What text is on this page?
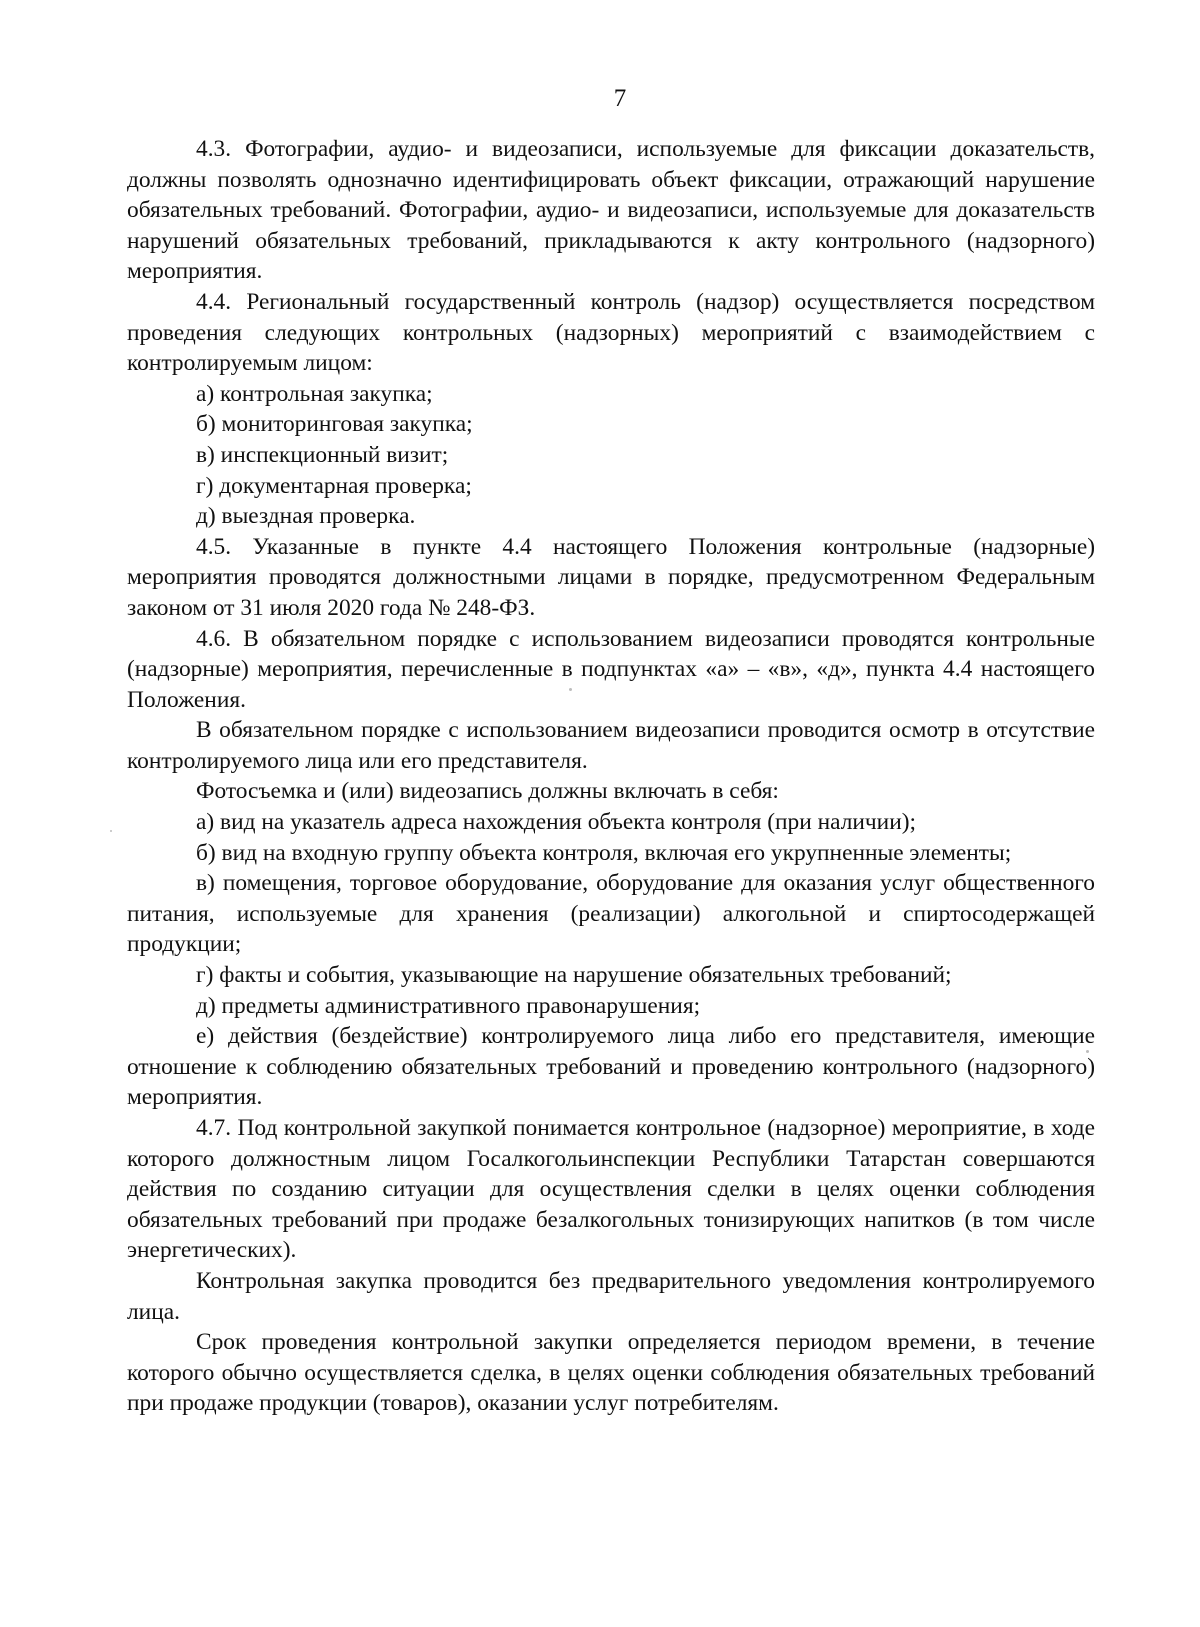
7

4.3. Фотографии, аудио- и видеозаписи, используемые для фиксации доказательств, должны позволять однозначно идентифицировать объект фиксации, отражающий нарушение обязательных требований. Фотографии, аудио- и видеозаписи, используемые для доказательств нарушений обязательных требований, прикладываются к акту контрольного (надзорного) мероприятия.

4.4. Региональный государственный контроль (надзор) осуществляется посредством проведения следующих контрольных (надзорных) мероприятий с взаимодействием с контролируемым лицом:

а) контрольная закупка;

б) мониторинговая закупка;

в) инспекционный визит;

г) документарная проверка;

д) выездная проверка.

4.5. Указанные в пункте 4.4 настоящего Положения контрольные (надзорные) мероприятия проводятся должностными лицами в порядке, предусмотренном Федеральным законом от 31 июля 2020 года № 248-ФЗ.

4.6. В обязательном порядке с использованием видеозаписи проводятся контрольные (надзорные) мероприятия, перечисленные в подпунктах «а» – «в», «д», пункта 4.4 настоящего Положения.

В обязательном порядке с использованием видеозаписи проводится осмотр в отсутствие контролируемого лица или его представителя.

Фотосъемка и (или) видеозапись должны включать в себя:

а) вид на указатель адреса нахождения объекта контроля (при наличии);

б) вид на входную группу объекта контроля, включая его укрупненные элементы;

в) помещения, торговое оборудование, оборудование для оказания услуг общественного питания, используемые для хранения (реализации) алкогольной и спиртосодержащей продукции;

г) факты и события, указывающие на нарушение обязательных требований;

д) предметы административного правонарушения;

е) действия (бездействие) контролируемого лица либо его представителя, имеющие отношение к соблюдению обязательных требований и проведению контрольного (надзорного) мероприятия.

4.7. Под контрольной закупкой понимается контрольное (надзорное) мероприятие, в ходе которого должностным лицом Госалкогольинспекции Республики Татарстан совершаются действия по созданию ситуации для осуществления сделки в целях оценки соблюдения обязательных требований при продаже безалкогольных тонизирующих напитков (в том числе энергетических).

Контрольная закупка проводится без предварительного уведомления контролируемого лица.

Срок проведения контрольной закупки определяется периодом времени, в течение которого обычно осуществляется сделка, в целях оценки соблюдения обязательных требований при продаже продукции (товаров), оказании услуг потребителям.
